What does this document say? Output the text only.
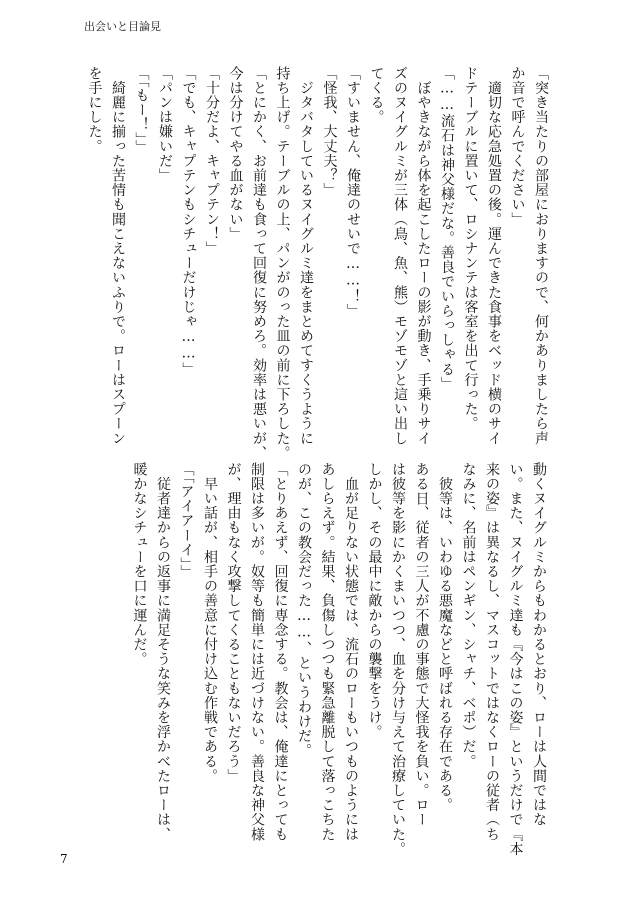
出会いと目論見

「突き当たりの部屋におりますので、何かありましたら声

か音で呼んでください」

　適切な応急処置の後。運んできた食事をベッド横のサイ

ドテーブルに置いて、ロシナンテは客室を出て行った。

「……流石は神父様だな。善良でいらっしゃる」

　ぼやきながら体を起こしたローの影が動き、手乗りサイ

ズのヌイグルミが三体（鳥、魚、熊）モゾモゾと這い出し

てくる。

「すいません、俺達のせいで……！」

「怪我、大丈夫？」

　ジタバタしているヌイグルミ達をまとめてすくうように

持ち上げ。テーブルの上、パンがのった皿の前に下ろした。

「とにかく、お前達も食って回復に努めろ。効率は悪いが、

今は分けてやる血がない」

「十分だよ、キャプテン！」

「でも、キャプテンもシチューだけじゃ……」

「パンは嫌いだ」

「「もー！」」

　綺麗に揃った苦情も聞こえないふりで。ローはスプーン

を手にした。

動くヌイグルミからもわかるとおり、ローは人間ではな

い。また、ヌイグルミ達も『今はこの姿』というだけで『本

来の姿』は異なるし、マスコットではなくローの従者（ち

なみに、名前はペンギン、シャチ、ベポ）だ。

　彼等は、いわゆる悪魔などと呼ばれる存在である。

ある日、従者の三人が不慮の事態で大怪我を負い。ロー

は彼等を影にかくまいつつ、血を分け与えて治療していた。

しかし、その最中に敵からの襲撃をうけ。

　血が足りない状態では、流石のローもいつものようには

あしらえず。結果、負傷しつつも緊急離脱して落っこちた

のが、この教会だった……、というわけだ。

「とりあえず、回復に専念する。教会は、俺達にとっても

制限は多いが。奴等も簡単には近づけない。善良な神父様

が、理由もなく攻撃してくることもないだろう」

　早い話が、相手の善意に付け込む作戦である。

「「アイアーイ」」

　従者達からの返事に満足そうな笑みを浮かべたローは、

暖かなシチューを口に運んだ。

7
